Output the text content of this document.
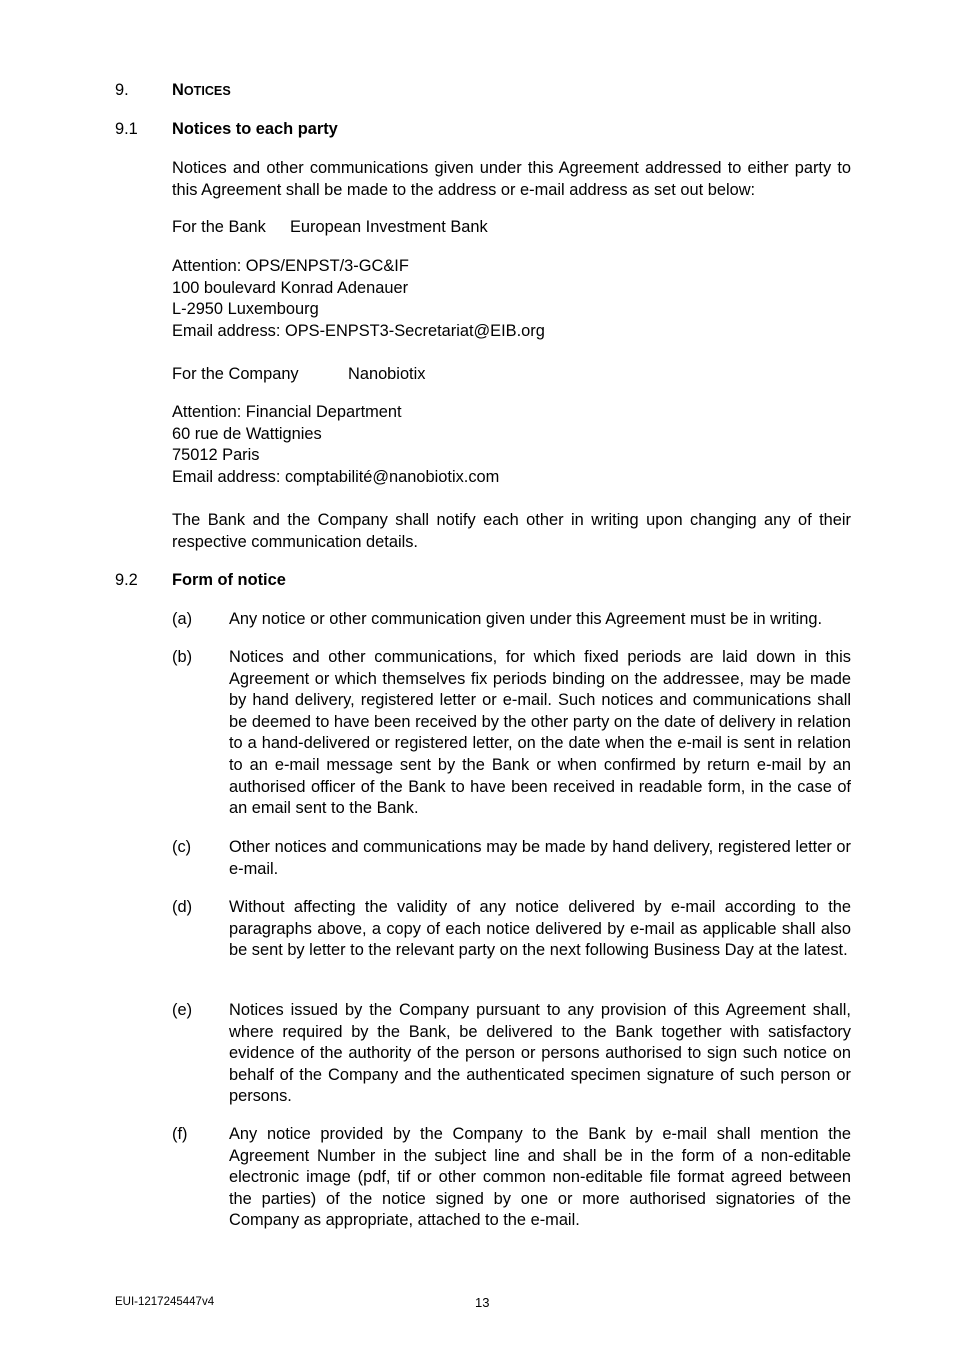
9.	NOTICES
9.1 Notices to each party
Notices and other communications given under this Agreement addressed to either party to this Agreement shall be made to the address or e-mail address as set out below:
For the Bank European Investment Bank
Attention: OPS/ENPST/3-GC&IF
100 boulevard Konrad Adenauer
L-2950 Luxembourg
Email address: OPS-ENPST3-Secretariat@EIB.org
For the Company	Nanobiotix
Attention: Financial Department
60 rue de Wattignies
75012 Paris
Email address: comptabilité@nanobiotix.com
The Bank and the Company shall notify each other in writing upon changing any of their respective communication details.
9.2 Form of notice
(a) Any notice or other communication given under this Agreement must be in writing.
(b) Notices and other communications, for which fixed periods are laid down in this Agreement or which themselves fix periods binding on the addressee, may be made by hand delivery, registered letter or e-mail. Such notices and communications shall be deemed to have been received by the other party on the date of delivery in relation to a hand-delivered or registered letter, on the date when the e-mail is sent in relation to an e-mail message sent by the Bank or when confirmed by return e-mail by an authorised officer of the Bank to have been received in readable form, in the case of an email sent to the Bank.
(c) Other notices and communications may be made by hand delivery, registered letter or e-mail.
(d) Without affecting the validity of any notice delivered by e-mail according to the paragraphs above, a copy of each notice delivered by e-mail as applicable shall also be sent by letter to the relevant party on the next following Business Day at the latest.
(e) Notices issued by the Company pursuant to any provision of this Agreement shall, where required by the Bank, be delivered to the Bank together with satisfactory evidence of the authority of the person or persons authorised to sign such notice on behalf of the Company and the authenticated specimen signature of such person or persons.
(f)	Any notice provided by the Company to the Bank by e-mail shall mention the Agreement Number in the subject line and shall be in the form of a non-editable electronic image (pdf, tif or other common non-editable file format agreed between the parties) of the notice signed by one or more authorised signatories of the Company as appropriate, attached to the e-mail.
EUI-1217245447v4	13
